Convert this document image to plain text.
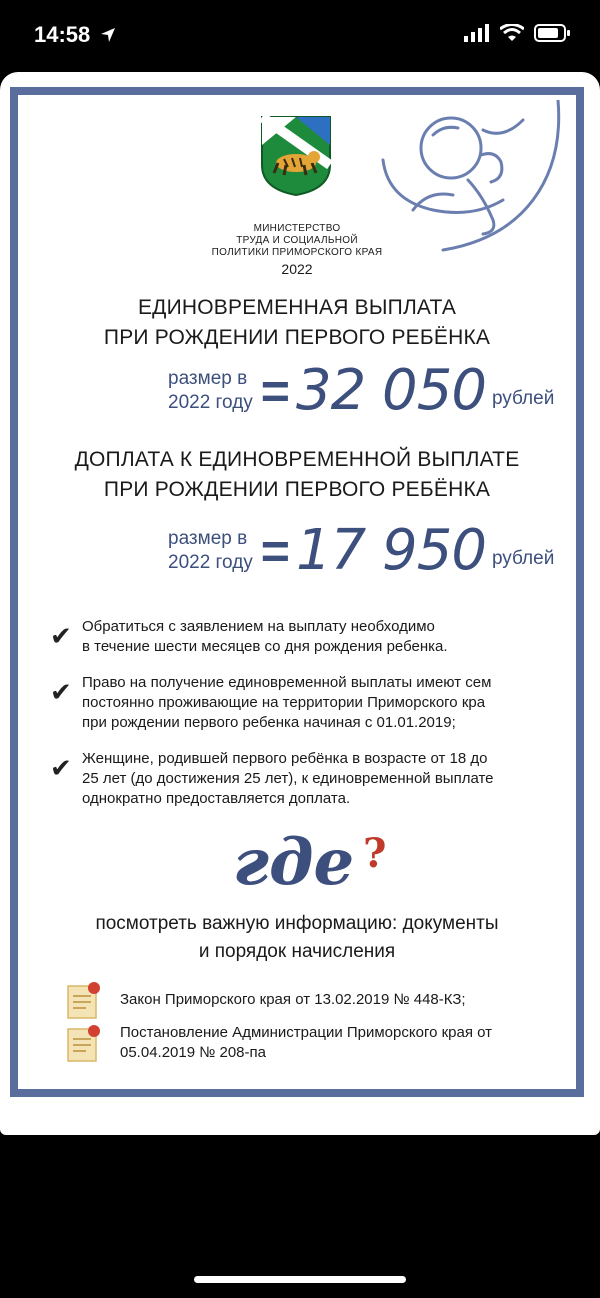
14:58
МИНИСТЕРСТВО
ТРУДА И СОЦИАЛЬНОЙ
ПОЛИТИКИ ПРИМОРСКОГО КРАЯ
2022
ЕДИНОВРЕМЕННАЯ ВЫПЛАТА
ПРИ РОЖДЕНИИ ПЕРВОГО РЕБЁНКА
размер в
2022 году = 32 050 рублей
ДОПЛАТА К ЕДИНОВРЕМЕННОЙ ВЫПЛАТЕ
ПРИ РОЖДЕНИИ ПЕРВОГО РЕБЁНКА
размер в
2022 году = 17 950 рублей
✔ Обратиться с заявлением на выплату необходимо
в течение шести месяцев со дня рождения ребенка.
✔ Право на получение единовременной выплаты имеют сем
постоянно проживающие на территории Приморского кра
при рождении первого ребенка начиная с 01.01.2019;
✔ Женщине, родившей первого ребёнка в возрасте от 18 до
25 лет (до достижения 25 лет), к единовременной выплате
однократно предоставляется доплата.
где ?
посмотреть важную информацию: документы
и порядок начисления
Закон Приморского края от 13.02.2019 № 448-КЗ;
Постановление Администрации Приморского края от
05.04.2019 № 208-па
